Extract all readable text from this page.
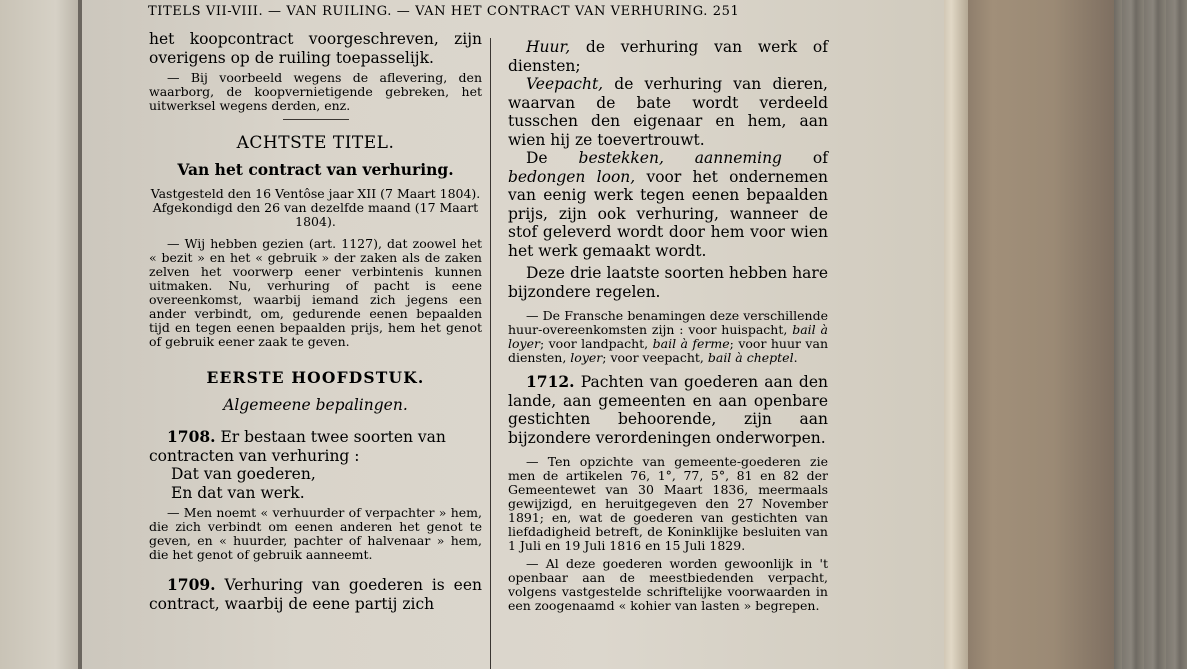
TITELS VII-VIII. — VAN RUILING. — VAN HET CONTRACT VAN VERHURING. 251

het koopcontract voorgeschreven, zijn overigens op de ruiling toepasselijk.

— Bij voorbeeld wegens de aflevering, den waarborg, de koopvernietigende gebreken, het uitwerksel wegens derden, enz.

ACHTSTE TITEL.

Van het contract van verhuring.

Vastgesteld den 16 Ventôse jaar XII (7 Maart 1804). Afgekondigd den 26 van dezelfde maand (17 Maart 1804).

— Wij hebben gezien (art. 1127), dat zoowel het « bezit » en het « gebruik » der zaken als de zaken zelven het voorwerp eener verbintenis kunnen uitmaken. Nu, verhuring of pacht is eene overeenkomst, waarbij iemand zich jegens een ander verbindt, om, gedurende eenen bepaalden tijd en tegen eenen bepaalden prijs, hem het genot of gebruik eener zaak te geven.

EERSTE HOOFDSTUK.

Algemeene bepalingen.

1708. Er bestaan twee soorten van contracten van verhuring :

Dat van goederen,

En dat van werk.

— Men noemt « verhuurder of verpachter » hem, die zich verbindt om eenen anderen het genot te geven, en « huurder, pachter of halvenaar » hem, die het genot of gebruik aanneemt.

1709. Verhuring van goederen is een contract, waarbij de eene partij zich

Huur, de verhuring van werk of diensten;

Veepacht, de verhuring van dieren, waarvan de bate wordt verdeeld tusschen den eigenaar en hem, aan wien hij ze toevertrouwt.

De bestekken, aanneming of bedongen loon, voor het ondernemen van eenig werk tegen eenen bepaalden prijs, zijn ook verhuring, wanneer de stof geleverd wordt door hem voor wien het werk gemaakt wordt.

Deze drie laatste soorten hebben hare bijzondere regelen.

— De Fransche benamingen deze verschillende huur-overeenkomsten zijn : voor huispacht, bail à loyer; voor landpacht, bail à ferme; voor huur van diensten, loyer; voor veepacht, bail à cheptel.

1712. Pachten van goederen aan den lande, aan gemeenten en aan openbare gestichten behoorende, zijn aan bijzondere verordeningen onderworpen.

— Ten opzichte van gemeente-goederen zie men de artikelen 76, 1°, 77, 5°, 81 en 82 der Gemeentewet van 30 Maart 1836, meermaals gewijzigd, en heruitgegeven den 27 November 1891; en, wat de goederen van gestichten van liefdadigheid betreft, de Koninklijke besluiten van 1 Juli en 19 Juli 1816 en 15 Juli 1829.

— Al deze goederen worden gewoonlijk in 't openbaar aan de meestbiedenden verpacht, volgens vastgestelde schriftelijke voorwaarden in een zoogenaamd « kohier van lasten » begrepen.
